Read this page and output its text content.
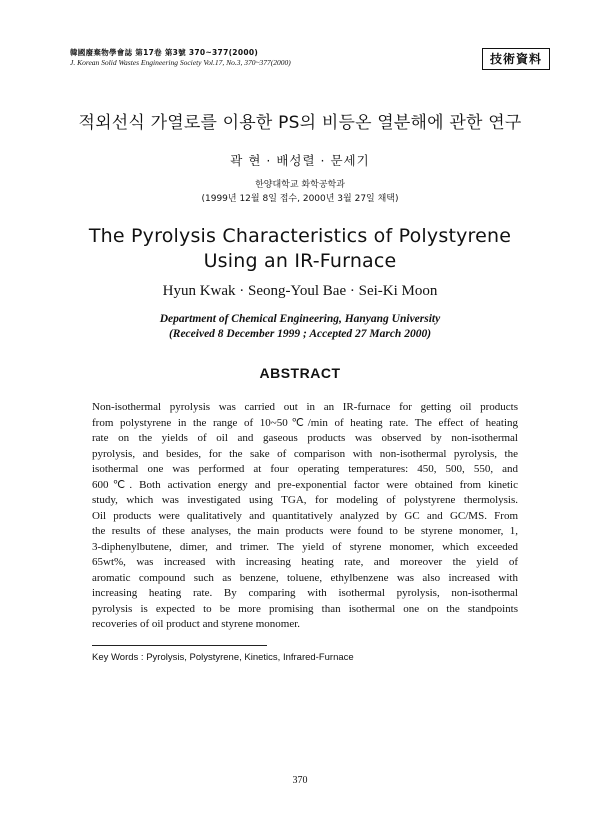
韓國廢棄物學會誌 第17卷 第3號 370~377(2000)
J. Korean Solid Wastes Engineering Society Vol.17, No.3, 370~377(2000)	技術資料
적외선식 가열로를 이용한 PS의 비등온 열분해에 관한 연구
곽 현 · 배성렬 · 문세기
한양대학교 화학공학과
(1999년 12월 8일 접수, 2000년 3월 27일 채택)
The Pyrolysis Characteristics of Polystyrene
Using an IR-Furnace
Hyun Kwak · Seong-Youl Bae · Sei-Ki Moon
Department of Chemical Engineering, Hanyang University
(Received 8 December 1999 ; Accepted 27 March 2000)
ABSTRACT
Non-isothermal pyrolysis was carried out in an IR-furnace for getting oil products
from polystyrene in the range of 10~50℃/min of heating rate. The effect of heating
rate on the yields of oil and gaseous products was observed by non-isothermal
pyrolysis, and besides, for the sake of comparison with non-isothermal pyrolysis, the
isothermal one was performed at four operating temperatures: 450, 500, 550, and
600℃. Both activation energy and pre-exponential factor were obtained from kinetic
study, which was investigated using TGA, for modeling of polystyrene thermolysis.
Oil products were qualitatively and quantitatively analyzed by GC and GC/MS. From
the results of these analyses, the main products were found to be styrene monomer, 1,
3-diphenylbutene, dimer, and trimer. The yield of styrene monomer, which exceeded
65wt%, was increased with increasing heating rate, and moreover the yield of
aromatic compound such as benzene, toluene, ethylbenzene was also increased with
increasing heating rate. By comparing with isothermal pyrolysis, non-isothermal
pyrolysis is expected to be more promising than isothermal one on the standpoints
recoveries of oil product and styrene monomer.
Key Words : Pyrolysis, Polystyrene, Kinetics, Infrared-Furnace
370
